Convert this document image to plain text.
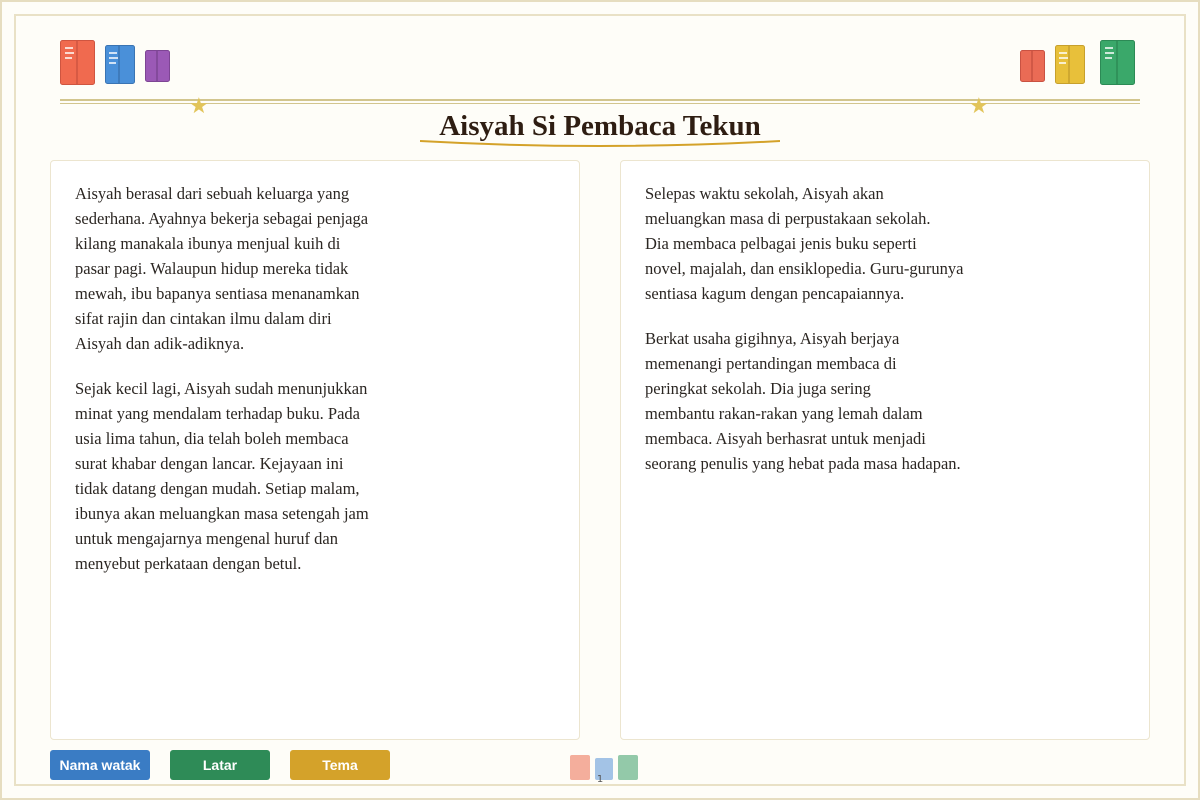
★	★
Aisyah Si Pembaca Tekun

Aisyah berasal dari sebuah keluarga yang
sederhana. Ayahnya bekerja sebagai penjaga
kilang manakala ibunya menjual kuih di
pasar pagi. Walaupun hidup mereka tidak
mewah, ibu bapanya sentiasa menanamkan
sifat rajin dan cintakan ilmu dalam diri
Aisyah dan adik-adiknya.

Sejak kecil lagi, Aisyah sudah menunjukkan
minat yang mendalam terhadap buku. Pada
usia lima tahun, dia telah boleh membaca
surat khabar dengan lancar. Kejayaan ini
tidak datang dengan mudah. Setiap malam,
ibunya akan meluangkan masa setengah jam
untuk mengajarnya mengenal huruf dan
menyebut perkataan dengan betul.

Selepas waktu sekolah, Aisyah akan
meluangkan masa di perpustakaan sekolah.
Dia membaca pelbagai jenis buku seperti
novel, majalah, dan ensiklopedia. Guru-gurunya
sentiasa kagum dengan pencapaiannya.

Berkat usaha gigihnya, Aisyah berjaya
memenangi pertandingan membaca di
peringkat sekolah. Dia juga sering
membantu rakan-rakan yang lemah dalam
membaca. Aisyah berhasrat untuk menjadi
seorang penulis yang hebat pada masa hadapan.

Nama watak	Latar	Tema
1
